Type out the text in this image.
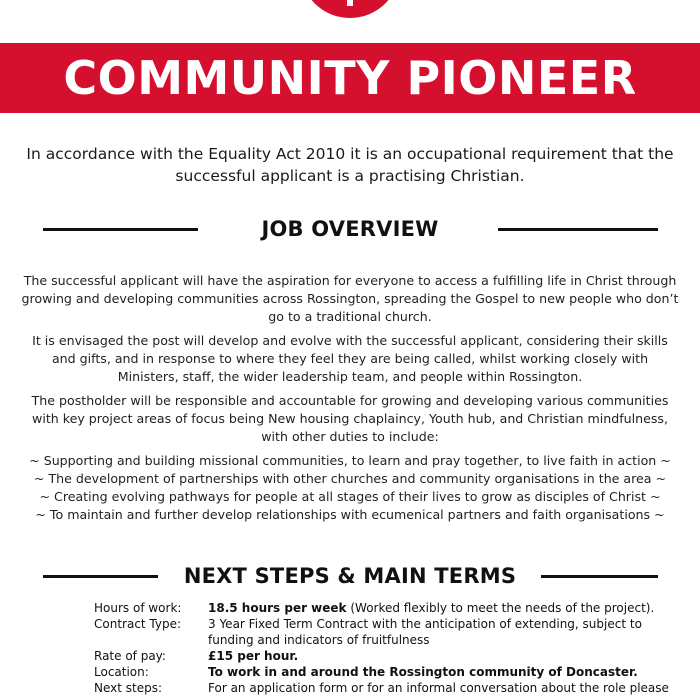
COMMUNITY PIONEER
In accordance with the Equality Act 2010 it is an occupational requirement that the successful applicant is a practising Christian.
JOB OVERVIEW

The successful applicant will have the aspiration for everyone to access a fulfilling life in Christ through growing and developing communities across Rossington, spreading the Gospel to new people who don’t go to a traditional church.

It is envisaged the post will develop and evolve with the successful applicant, considering their skills and gifts, and in response to where they feel they are being called, whilst working closely with Ministers, staff, the wider leadership team, and people within Rossington.

The postholder will be responsible and accountable for growing and developing various communities with key project areas of focus being New housing chaplaincy, Youth hub, and Christian mindfulness, with other duties to include:

~ Supporting and building missional communities, to learn and pray together, to live faith in action ~
~ The development of partnerships with other churches and community organisations in the area ~
~ Creating evolving pathways for people at all stages of their lives to grow as disciples of Christ ~
~ To maintain and further develop relationships with ecumenical partners and faith organisations ~
NEXT STEPS & MAIN TERMS
Hours of work:	18.5 hours per week (Worked flexibly to meet the needs of the project).
Contract Type:	3 Year Fixed Term Contract with the anticipation of extending, subject to funding and indicators of fruitfulness
Rate of pay:	£15 per hour.
Location:	To work in and around the Rossington community of Doncaster.
Next steps:	For an application form or for an informal conversation about the role please
